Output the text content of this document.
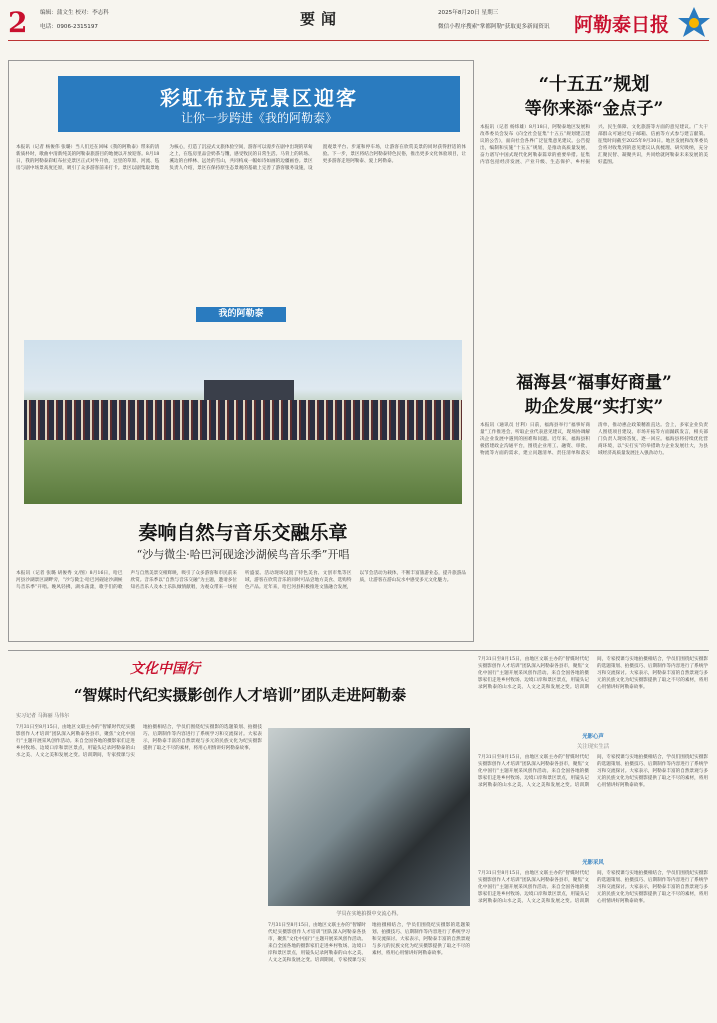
2 编辑：蒲文生 校对：李志科
电话：0906-2315197	要闻	2025年8月20日 星期三
微信小程序搜索"掌都阿勒"获取更多新闻资讯	阿勒泰日报
彩虹布拉克景区迎客
让你一步跨进《我的阿勒泰》
本报讯（记者 杨俊伟 张璐）当人们还在回味《我的阿勒泰》带来的清新质朴时，歌曲中清新纯美的阿勒泰旅游目的地便以开放迎客。8月18日，我的阿勒泰彩虹布拉克景区正式对外开放，这里的草原、河流、毡房与剧中场景高度还原，吸引了众多游客前来打卡。景区以剧集取景地为核心，打造了沉浸式文旅体验空间，游客可以漫步在剧中出现的草甸之上，在毡房里品尝奶茶与馕，感受牧民的日常生活。马背上的转场、溪边的白桦林、远处的雪山，共同构成一幅如诗如画的边疆画卷。景区负责人介绍，景区在保持原生态景观的基础上完善了游客服务设施，设置观景平台、步道和停车场，让游客在欣赏美景的同时获得舒适的体验。下一步，景区将结合阿勒泰特色民俗，推出更多文化体验项目，让更多游客走进阿勒泰、爱上阿勒泰。
我的阿勒泰
奏响自然与音乐交融乐章
“沙与微尘·哈巴河砚途沙湖候鸟音乐季”开唱
本报讯（记者 张璐 胡俊秀 文/图）8月16日，哈巴河县沙湖景区湖畔旁，“沙与微尘·哈巴河砚途沙湖候鸟音乐季”开唱。晚风轻拂，湖水荡漾，歌手们的歌声与自然美景交相辉映，吸引了众多游客和市民前来欣赏。音乐季以“自然与音乐交融”为主题，邀请多位知名音乐人及本土乐队倾情献唱，为观众带来一场视听盛宴。活动现场设置了特色美食、文创市集等区域，游客在欣赏音乐的同时可品尝地方美食、选购特色产品。近年来，哈巴河县积极推进文旅融合发展，以节会活动为载体，不断丰富旅游业态，提升旅游品质，让游客在游山玩水中感受多元文化魅力。
“十五五”规划
等你来添“金点子”
本报讯（记者 杨炜雄）8月18日，阿勒泰地区发展和改革委员会发布《向全社会征集“十五五”规划建言建议的公告》，面向社会各界广泛征集意见建议。公告提出，编制和实施“十五五”规划，是推动高质量发展、奋力谱写中国式现代化阿勒泰篇章的重要举措。征集内容包括经济发展、产业升级、生态保护、乡村振兴、民生保障、文化旅游等方面的意见建议。广大干部群众可通过电子邮箱、信函等方式参与建言献策。征集时间截至2025年9月30日。地区发展和改革委员会将对收集到的意见建议认真梳理、研究吸纳，充分汇聚民智、凝聚共识，共同绘就阿勒泰未来发展的美好蓝图。
福海县“福事好商量”
助企发展“实打实”
本报讯（通讯员 甘利）日前，福海县举行“福事好商量”工作推进会，听取企业代表意见建议，现场协调解决企业发展中遇到的困难和问题。近年来，福海县积极搭建政企沟通平台，围绕企业用工、融资、审批、物流等方面的需求，建立问题清单、责任清单和落实清单，推动惠企政策精准直达。会上，多家企业负责人围绕项目建设、市场开拓等方面踊跃发言，相关部门负责人现场答复、逐一回应。福海县将持续优化营商环境，以“实打实”的举措助力企业发展壮大，为县域经济高质量发展注入强劲动力。
文化中国行
“智媒时代纪实摄影创作人才培训”团队走进阿勒泰
实习记者 马海丽 马伟尔
7月31日至8月15日，由地区文联主办的“智媒时代纪实摄影创作人才培训”团队深入阿勒泰各县市，聚焦“文化中国行”主题开展采风创作活动。来自全国各地的摄影家们走进乡村牧场、边境口岸和景区景点，用镜头记录阿勒泰的山水之美、人文之美和发展之变。培训期间，专家授课与实地拍摄相结合，学员们围绕纪实摄影的选题策划、拍摄技巧、后期制作等内容进行了系统学习和交流探讨。大家表示，阿勒泰丰富的自然景观与多元的民族文化为纪实摄影提供了取之不尽的素材，将用心用情讲好阿勒泰故事。
学员在实地拍摄中交流心得。
7月31日至8月15日，由地区文联主办的“智媒时代纪实摄影创作人才培训”团队深入阿勒泰各县市，聚焦“文化中国行”主题开展采风创作活动。来自全国各地的摄影家们走进乡村牧场、边境口岸和景区景点，用镜头记录阿勒泰的山水之美、人文之美和发展之变。培训期间，专家授课与实地拍摄相结合，学员们围绕纪实摄影的选题策划、拍摄技巧、后期制作等内容进行了系统学习和交流探讨。大家表示，阿勒泰丰富的自然景观与多元的民族文化为纪实摄影提供了取之不尽的素材，将用心用情讲好阿勒泰故事。
光影心声
关注现实生活
7月31日至8月15日，由地区文联主办的“智媒时代纪实摄影创作人才培训”团队深入阿勒泰各县市，聚焦“文化中国行”主题开展采风创作活动。来自全国各地的摄影家们走进乡村牧场、边境口岸和景区景点，用镜头记录阿勒泰的山水之美、人文之美和发展之变。培训期间，专家授课与实地拍摄相结合，学员们围绕纪实摄影的选题策划、拍摄技巧、后期制作等内容进行了系统学习和交流探讨。大家表示，阿勒泰丰富的自然景观与多元的民族文化为纪实摄影提供了取之不尽的素材，将用心用情讲好阿勒泰故事。
7月31日至8月15日，由地区文联主办的“智媒时代纪实摄影创作人才培训”团队深入阿勒泰各县市，聚焦“文化中国行”主题开展采风创作活动。来自全国各地的摄影家们走进乡村牧场、边境口岸和景区景点，用镜头记录阿勒泰的山水之美、人文之美和发展之变。培训期间，专家授课与实地拍摄相结合，学员们围绕纪实摄影的选题策划、拍摄技巧、后期制作等内容进行了系统学习和交流探讨。大家表示，阿勒泰丰富的自然景观与多元的民族文化为纪实摄影提供了取之不尽的素材，将用心用情讲好阿勒泰故事。
光影采风
7月31日至8月15日，由地区文联主办的“智媒时代纪实摄影创作人才培训”团队深入阿勒泰各县市，聚焦“文化中国行”主题开展采风创作活动。来自全国各地的摄影家们走进乡村牧场、边境口岸和景区景点，用镜头记录阿勒泰的山水之美、人文之美和发展之变。培训期间，专家授课与实地拍摄相结合，学员们围绕纪实摄影的选题策划、拍摄技巧、后期制作等内容进行了系统学习和交流探讨。大家表示，阿勒泰丰富的自然景观与多元的民族文化为纪实摄影提供了取之不尽的素材，将用心用情讲好阿勒泰故事。
